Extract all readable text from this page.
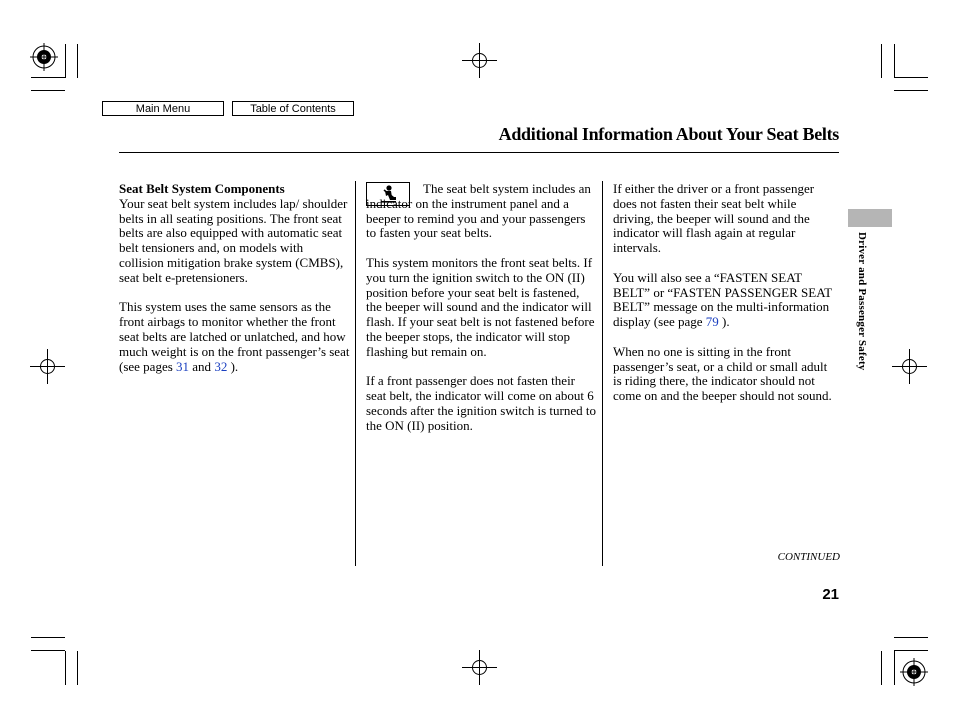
Main Menu	Table of Contents
Additional Information About Your Seat Belts
Driver and Passenger Safety
Seat Belt System Components

Your seat belt system includes lap/ shoulder belts in all seating positions. The front seat belts are also equipped with automatic seat belt tensioners and, on models with collision mitigation brake system (CMBS), seat belt e-pretensioners.

This system uses the same sensors as the front airbags to monitor whether the front seat belts are latched or unlatched, and how much weight is on the front passenger’s seat (see pages 31 and 32 ).

The seat belt system includes an indicator on the instrument panel and a beeper to remind you and your passengers to fasten your seat belts.

This system monitors the front seat belts. If you turn the ignition switch to the ON (II) position before your seat belt is fastened, the beeper will sound and the indicator will flash. If your seat belt is not fastened before the beeper stops, the indicator will stop flashing but remain on.

If a front passenger does not fasten their seat belt, the indicator will come on about 6 seconds after the ignition switch is turned to the ON (II) position.

If either the driver or a front passenger does not fasten their seat belt while driving, the beeper will sound and the indicator will flash again at regular intervals.

You will also see a “FASTEN SEAT BELT” or “FASTEN PASSENGER SEAT BELT” message on the multi-information display (see page 79 ).

When no one is sitting in the front passenger’s seat, or a child or small adult is riding there, the indicator should not come on and the beeper should not sound.

CONTINUED
21
